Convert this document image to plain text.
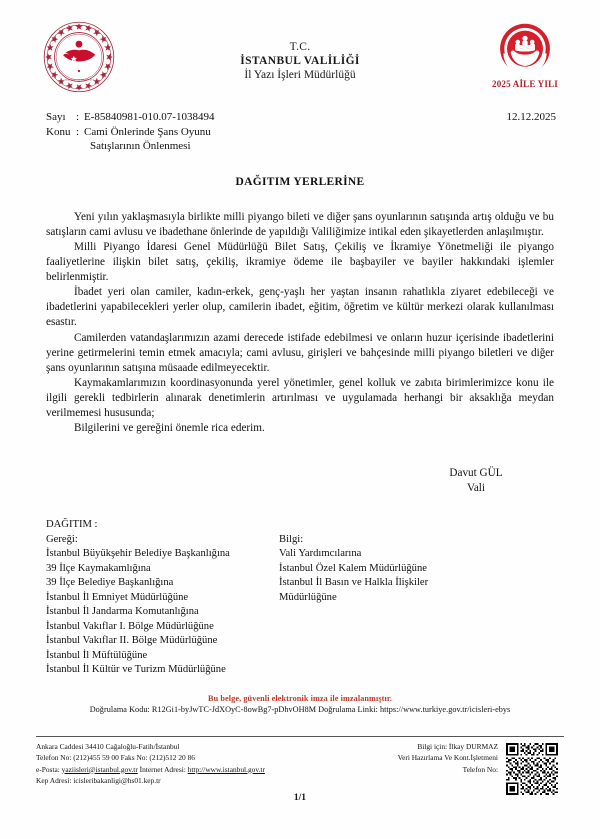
TÜRKİYE CUMHURİYETİ
T.C.
İSTANBUL VALİLİĞİ
İl Yazı İşleri Müdürlüğü
2025 AİLE YILI
Sayı : E-85840981-010.07-1038494	12.12.2025
Konu : Cami Önlerinde Şans Oyunu
Satışlarının Önlenmesi
DAĞITIM YERLERİNE

Yeni yılın yaklaşmasıyla birlikte milli piyango bileti ve diğer şans oyunlarının satışında artış olduğu ve bu satışların cami avlusu ve ibadethane önlerinde de yapıldığı Valiliğimize intikal eden şikayetlerden anlaşılmıştır.

Milli Piyango İdaresi Genel Müdürlüğü Bilet Satış, Çekiliş ve İkramiye Yönetmeliği ile piyango faaliyetlerine ilişkin bilet satış, çekiliş, ikramiye ödeme ile başbayiler ve bayiler hakkındaki işlemler belirlenmiştir.

İbadet yeri olan camiler, kadın-erkek, genç-yaşlı her yaştan insanın rahatlıkla ziyaret edebileceği ve ibadetlerini yapabilecekleri yerler olup, camilerin ibadet, eğitim, öğretim ve kültür merkezi olarak kullanılması esastır.

Camilerden vatandaşlarımızın azami derecede istifade edebilmesi ve onların huzur içerisinde ibadetlerini yerine getirmelerini temin etmek amacıyla; cami avlusu, girişleri ve bahçesinde milli piyango biletleri ve diğer şans oyunlarının satışına müsaade edilmeyecektir.

Kaymakamlarımızın koordinasyonunda yerel yönetimler, genel kolluk ve zabıta birimlerimizce konu ile ilgili gerekli tedbirlerin alınarak denetimlerin artırılması ve uygulamada herhangi bir aksaklığa meydan verilmemesi hususunda;

Bilgilerini ve gereğini önemle rica ederim.

Davut GÜL
Vali
DAĞITIM :
Gereği:
İstanbul Büyükşehir Belediye Başkanlığına
39 İlçe Kaymakamlığına
39 İlçe Belediye Başkanlığına
İstanbul İl Emniyet Müdürlüğüne
İstanbul İl Jandarma Komutanlığına
İstanbul Vakıflar I. Bölge Müdürlüğüne
İstanbul Vakıflar II. Bölge Müdürlüğüne
İstanbul İl Müftülüğüne
İstanbul İl Kültür ve Turizm Müdürlüğüne
Bilgi:
Vali Yardımcılarına
İstanbul Özel Kalem Müdürlüğüne
İstanbul İl Basın ve Halkla İlişkiler
Müdürlüğüne
Bu belge, güvenli elektronik imza ile imzalanmıştır.
Doğrulama Kodu: R12Gi1-byJwTC-JdXOyC-8owBg7-pDhvOH8M Doğrulama Linki: https://www.turkiye.gov.tr/icisleri-ebys
Ankara Caddesi 34410 Cağaloğlu-Fatih/İstanbul
Telefon No: (212)455 59 00 Faks No: (212)512 20 86
e-Posta: yaziisleri@istanbul.gov.tr İnternet Adresi: http://www.istanbul.gov.tr
Kep Adresi: icisleribakanligi@hs01.kep.tr
Bilgi için: İlkay DURMAZ
Veri Hazırlama Ve Kont.İşletmeni
Telefon No:
1/1
